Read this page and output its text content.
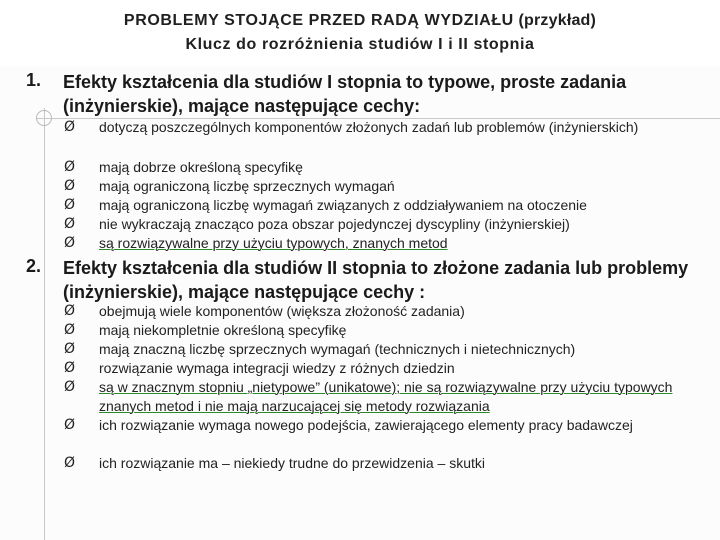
PROBLEMY STOJĄCE PRZED RADĄ WYDZIAŁU (przykład)
Klucz do rozróżnienia studiów I i II stopnia
1. Efekty kształcenia dla studiów I stopnia to typowe, proste zadania (inżynierskie), mające następujące cechy:
Ø dotyczą poszczególnych komponentów złożonych zadań lub problemów (inżynierskich)
Ø mają dobrze określoną specyfikę
Ø mają ograniczoną liczbę sprzecznych wymagań
Ø mają ograniczoną liczbę wymagań związanych z oddziaływaniem na otoczenie
Ø nie wykraczają znacząco poza obszar pojedynczej dyscypliny (inżynierskiej)
Ø są rozwiązywalne przy użyciu typowych, znanych metod
2. Efekty kształcenia dla studiów II stopnia to złożone zadania lub problemy (inżynierskie), mające następujące cechy :
Ø obejmują wiele komponentów (większa złożoność zadania)
Ø mają niekompletnie określoną specyfikę
Ø mają znaczną liczbę sprzecznych wymagań (technicznych i nietechnicznych)
Ø rozwiązanie wymaga integracji wiedzy z różnych dziedzin
Ø są w znacznym stopniu „nietypowe” (unikatowe); nie są rozwiązywalne przy użyciu typowych znanych metod i nie mają narzucającej się metody rozwiązania
Ø ich rozwiązanie wymaga nowego podejścia, zawierającego elementy pracy badawczej
Ø ich rozwiązanie ma – niekiedy trudne do przewidzenia – skutki
